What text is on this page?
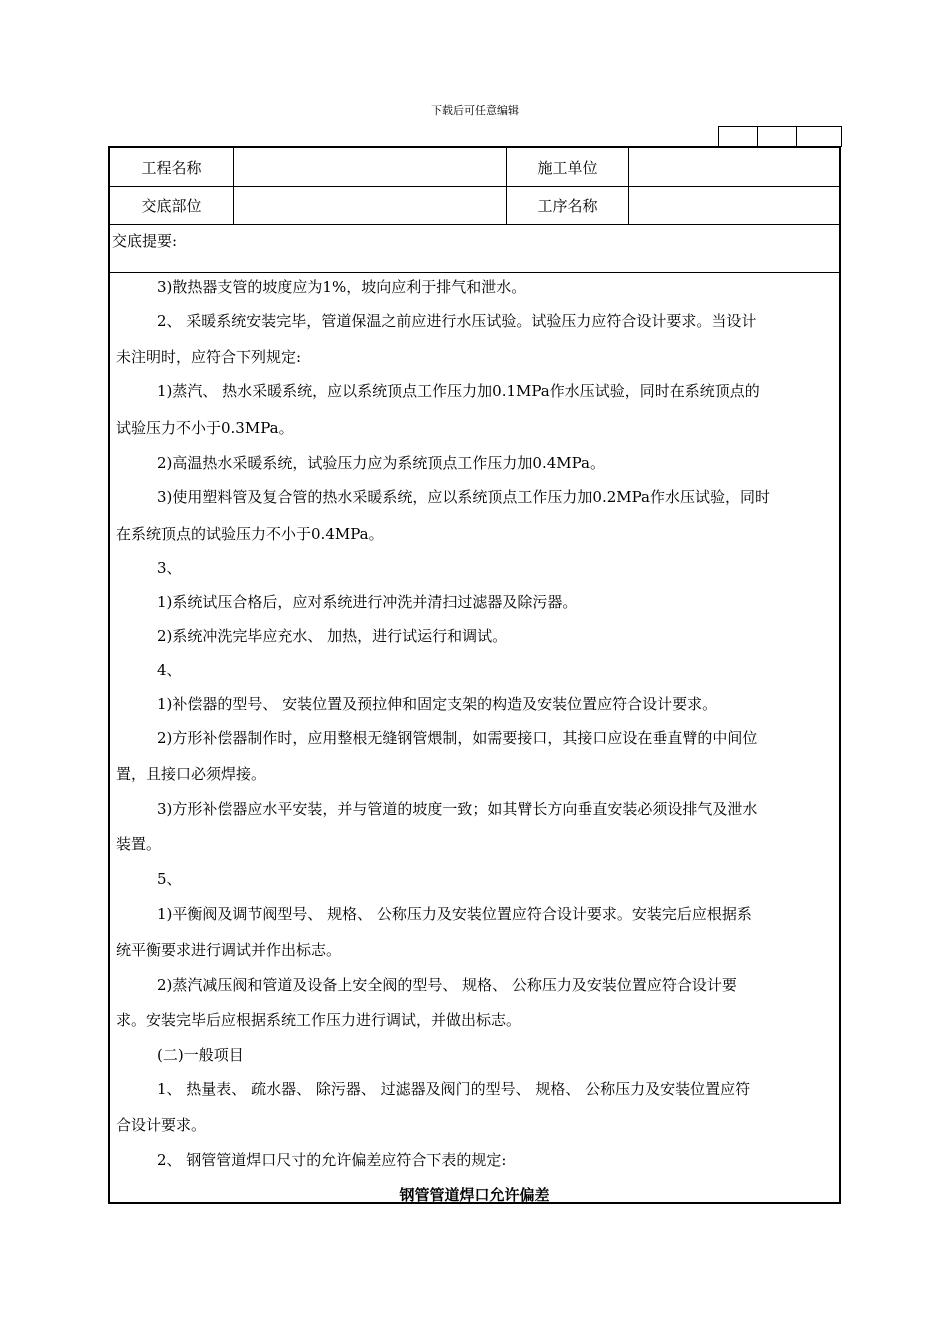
下载后可任意编辑
工程名称	施工单位
交底部位	工序名称
交底提要:
3)散热器支管的坡度应为1%，坡向应利于排气和泄水。
2、 采暖系统安装完毕，管道保温之前应进行水压试验。试验压力应符合设计要求。当设计
未注明时，应符合下列规定:
1)蒸汽、 热水采暖系统，应以系统顶点工作压力加0.1MPa作水压试验，同时在系统顶点的
试验压力不小于0.3MPa。
2)高温热水采暖系统，试验压力应为系统顶点工作压力加0.4MPa。
3)使用塑料管及复合管的热水采暖系统，应以系统顶点工作压力加0.2MPa作水压试验，同时
在系统顶点的试验压力不小于0.4MPa。
3、
1)系统试压合格后，应对系统进行冲洗并清扫过滤器及除污器。
2)系统冲洗完毕应充水、 加热，进行试运行和调试。
4、
1)补偿器的型号、 安装位置及预拉伸和固定支架的构造及安装位置应符合设计要求。
2)方形补偿器制作时，应用整根无缝钢管煨制，如需要接口，其接口应设在垂直臂的中间位
置，且接口必须焊接。
3)方形补偿器应水平安装，并与管道的坡度一致；如其臂长方向垂直安装必须设排气及泄水
装置。
5、
1)平衡阀及调节阀型号、 规格、 公称压力及安装位置应符合设计要求。安装完后应根据系
统平衡要求进行调试并作出标志。
2)蒸汽减压阀和管道及设备上安全阀的型号、 规格、 公称压力及安装位置应符合设计要
求。安装完毕后应根据系统工作压力进行调试，并做出标志。
(二)一般项目
1、 热量表、 疏水器、 除污器、 过滤器及阀门的型号、 规格、 公称压力及安装位置应符
合设计要求。
2、 钢管管道焊口尺寸的允许偏差应符合下表的规定:
钢管管道焊口允许偏差
